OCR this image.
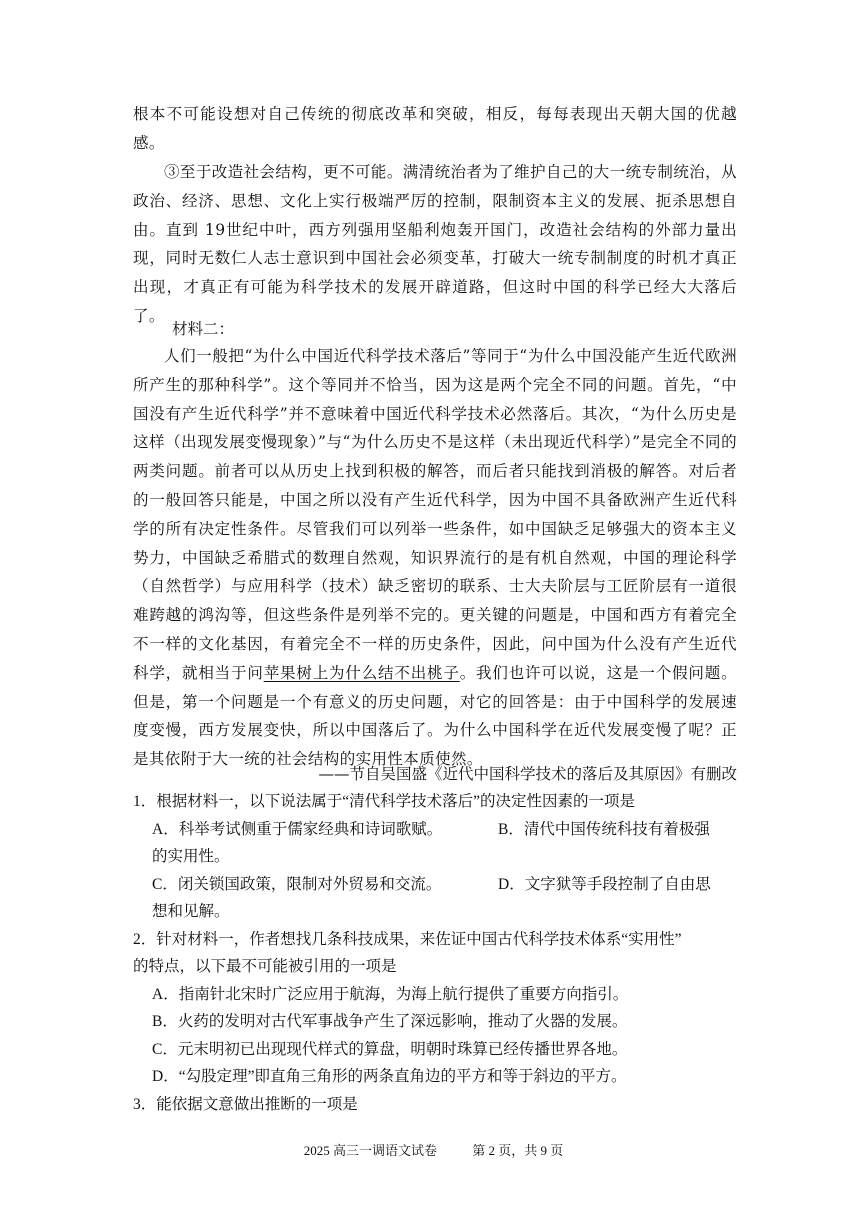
根本不可能设想对自己传统的彻底改革和突破，相反，每每表现出天朝大国的优越感。

③至于改造社会结构，更不可能。满清统治者为了维护自己的大一统专制统治，从政治、经济、思想、文化上实行极端严厉的控制，限制资本主义的发展、扼杀思想自由。直到 19世纪中叶，西方列强用坚船利炮轰开国门，改造社会结构的外部力量出现，同时无数仁人志士意识到中国社会必须变革，打破大一统专制制度的时机才真正出现，才真正有可能为科学技术的发展开辟道路，但这时中国的科学已经大大落后了。

材料二：

人们一般把“为什么中国近代科学技术落后”等同于“为什么中国没能产生近代欧洲所产生的那种科学”。这个等同并不恰当，因为这是两个完全不同的问题。首先，“中国没有产生近代科学”并不意味着中国近代科学技术必然落后。其次，“为什么历史是这样（出现发展变慢现象）”与“为什么历史不是这样（未出现近代科学）”是完全不同的两类问题。前者可以从历史上找到积极的解答，而后者只能找到消极的解答。对后者的一般回答只能是，中国之所以没有产生近代科学，因为中国不具备欧洲产生近代科学的所有决定性条件。尽管我们可以列举一些条件，如中国缺乏足够强大的资本主义势力，中国缺乏希腊式的数理自然观，知识界流行的是有机自然观，中国的理论科学（自然哲学）与应用科学（技术）缺乏密切的联系、士大夫阶层与工匠阶层有一道很难跨越的鸿沟等，但这些条件是列举不完的。更关键的问题是，中国和西方有着完全不一样的文化基因，有着完全不一样的历史条件，因此，问中国为什么没有产生近代科学，就相当于问苹果树上为什么结不出桃子。我们也许可以说，这是一个假问题。但是，第一个问题是一个有意义的历史问题，对它的回答是：由于中国科学的发展速度变慢，西方发展变快，所以中国落后了。为什么中国科学在近代发展变慢了呢？正是其依附于大一统的社会结构的实用性本质使然。

——节自吴国盛《近代中国科学技术的落后及其原因》有删改

1．根据材料一，以下说法属于“清代科学技术落后”的决定性因素的一项是

A．科举考试侧重于儒家经典和诗词歌赋。	B．清代中国传统科技有着极强

的实用性。

C．闭关锁国政策，限制对外贸易和交流。	D．文字狱等手段控制了自由思

想和见解。

2．针对材料一，作者想找几条科技成果，来佐证中国古代科学技术体系“实用性”

的特点，以下最不可能被引用的一项是

A．指南针北宋时广泛应用于航海，为海上航行提供了重要方向指引。

B．火药的发明对古代军事战争产生了深远影响，推动了火器的发展。

C．元末明初已出现现代样式的算盘，明朝时珠算已经传播世界各地。

D．“勾股定理”即直角三角形的两条直角边的平方和等于斜边的平方。

3．能依据文意做出推断的一项是

2025 高三一调语文试卷	第 2 页，共 9 页
